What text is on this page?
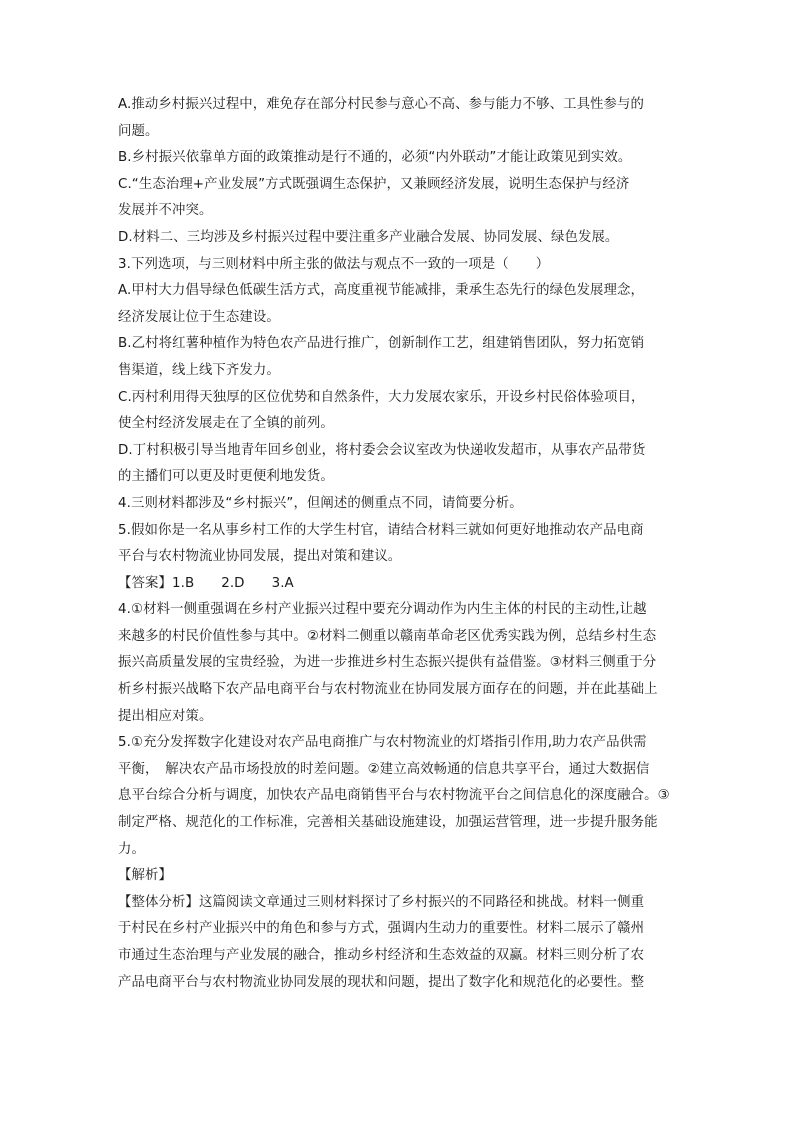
A.推动乡村振兴过程中，难免存在部分村民参与意心不高、参与能力不够、工具性参与的
问题。
B.乡村振兴依靠单方面的政策推动是行不通的，必须“内外联动”才能让政策见到实效。
C.“生态治理+产业发展”方式既强调生态保护，又兼顾经济发展，说明生态保护与经济
发展并不冲突。
D.材料二、三均涉及乡村振兴过程中要注重多产业融合发展、协同发展、绿色发展。
3.下列选项，与三则材料中所主张的做法与观点不一致的一项是（　　）
A.甲村大力倡导绿色低碳生活方式，高度重视节能减排，秉承生态先行的绿色发展理念，
经济发展让位于生态建设。
B.乙村将红薯种植作为特色农产品进行推广，创新制作工艺，组建销售团队，努力拓宽销
售渠道，线上线下齐发力。
C.丙村利用得天独厚的区位优势和自然条件，大力发展农家乐，开设乡村民俗体验项目，
使全村经济发展走在了全镇的前列。
D.丁村积极引导当地青年回乡创业，将村委会会议室改为快递收发超市，从事农产品带货
的主播们可以更及时更便利地发货。
4.三则材料都涉及“乡村振兴”，但阐述的侧重点不同，请简要分析。
5.假如你是一名从事乡村工作的大学生村官，请结合材料三就如何更好地推动农产品电商
平台与农村物流业协同发展，提出对策和建议。
【答案】1.B　　2.D　　3.A
4.①材料一侧重强调在乡村产业振兴过程中要充分调动作为内生主体的村民的主动性,让越
来越多的村民价值性参与其中。②材料二侧重以赣南革命老区优秀实践为例，总结乡村生态
振兴高质量发展的宝贵经验，为进一步推进乡村生态振兴提供有益借鉴。③材料三侧重于分
析乡村振兴战略下农产品电商平台与农村物流业在协同发展方面存在的问题，并在此基础上
提出相应对策。
5.①充分发挥数字化建设对农产品电商推广与农村物流业的灯塔指引作用,助力农产品供需
平衡，　解决农产品市场投放的时差问题。②建立高效畅通的信息共享平台，通过大数据信
息平台综合分析与调度，加快农产品电商销售平台与农村物流平台之间信息化的深度融合。③
制定严格、规范化的工作标准，完善相关基础设施建设，加强运营管理，进一步提升服务能
力。
【解析】
【整体分析】这篇阅读文章通过三则材料探讨了乡村振兴的不同路径和挑战。材料一侧重
于村民在乡村产业振兴中的角色和参与方式，强调内生动力的重要性。材料二展示了赣州
市通过生态治理与产业发展的融合，推动乡村经济和生态效益的双赢。材料三则分析了农
产品电商平台与农村物流业协同发展的现状和问题，提出了数字化和规范化的必要性。整
